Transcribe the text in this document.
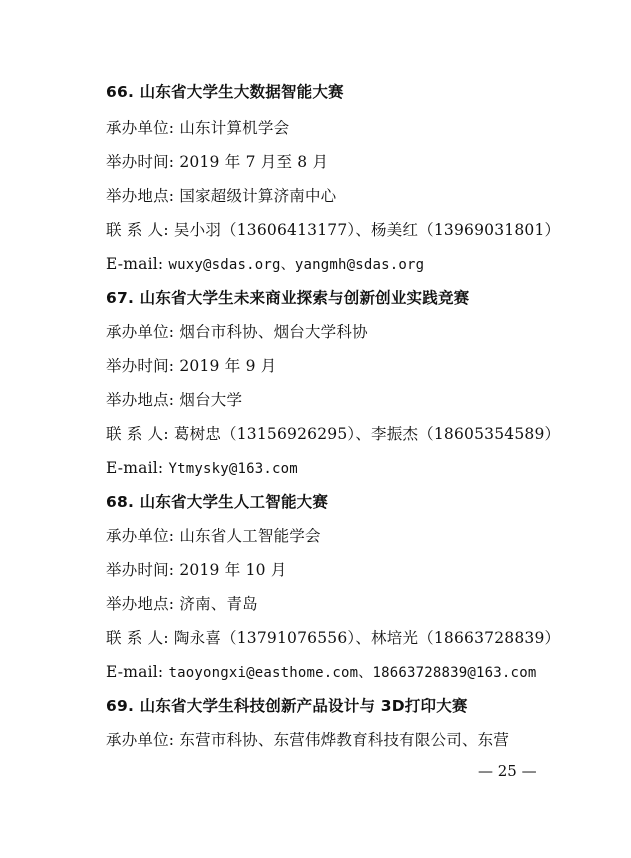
66. 山东省大学生大数据智能大赛
承办单位: 山东计算机学会
举办时间: 2019 年 7 月至 8 月
举办地点: 国家超级计算济南中心
联 系 人: 吴小羽（13606413177）、杨美红（13969031801）
E-mail: wuxy@sdas.org、yangmh@sdas.org
67. 山东省大学生未来商业探索与创新创业实践竞赛
承办单位: 烟台市科协、烟台大学科协
举办时间: 2019 年 9 月
举办地点: 烟台大学
联 系 人: 葛树忠（13156926295）、李振杰（18605354589）
E-mail: Ytmysky@163.com
68. 山东省大学生人工智能大赛
承办单位: 山东省人工智能学会
举办时间: 2019 年 10 月
举办地点: 济南、青岛
联 系 人: 陶永喜（13791076556）、林培光（18663728839）
E-mail: taoyongxi@easthome.com、18663728839@163.com
69. 山东省大学生科技创新产品设计与 3D打印大赛
承办单位: 东营市科协、东营伟烨教育科技有限公司、东营
— 25 —
